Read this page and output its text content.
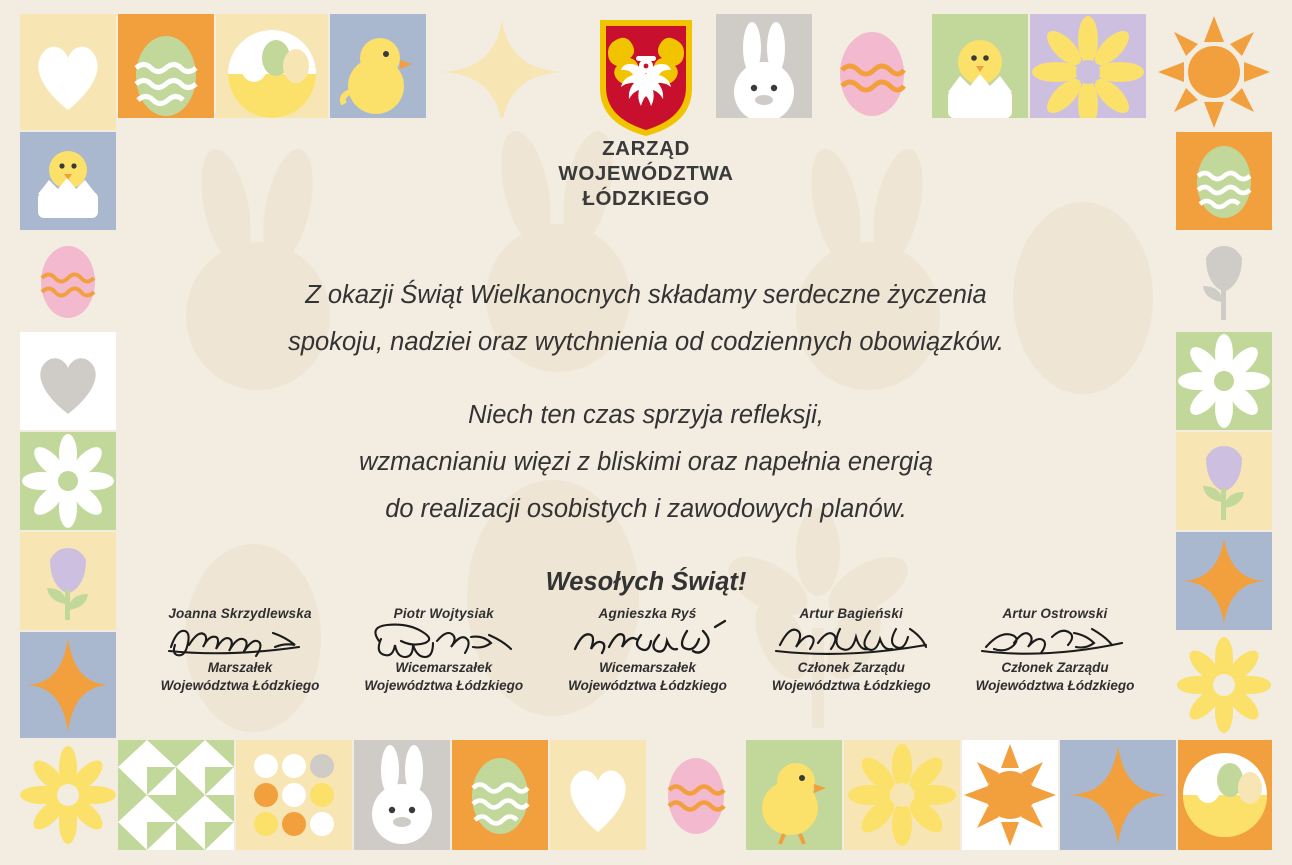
ZARZĄD
WOJEWÓDZTWA
ŁÓDZKIEGO
Z okazji Świąt Wielkanocnych składamy serdeczne życzenia
spokoju, nadziei oraz wytchnienia od codziennych obowiązków.
Niech ten czas sprzyja refleksji,
wzmacnianiu więzi z bliskimi oraz napełnia energią
do realizacji osobistych i zawodowych planów.
Wesołych Świąt!
Joanna Skrzydlewska
Marszałek
Województwa Łódzkiego
Piotr Wojtysiak
Wicemarszałek
Województwa Łódzkiego
Agnieszka Ryś
Wicemarszałek
Województwa Łódzkiego
Artur Bagieński
Członek Zarządu
Województwa Łódzkiego
Artur Ostrowski
Członek Zarządu
Województwa Łódzkiego
